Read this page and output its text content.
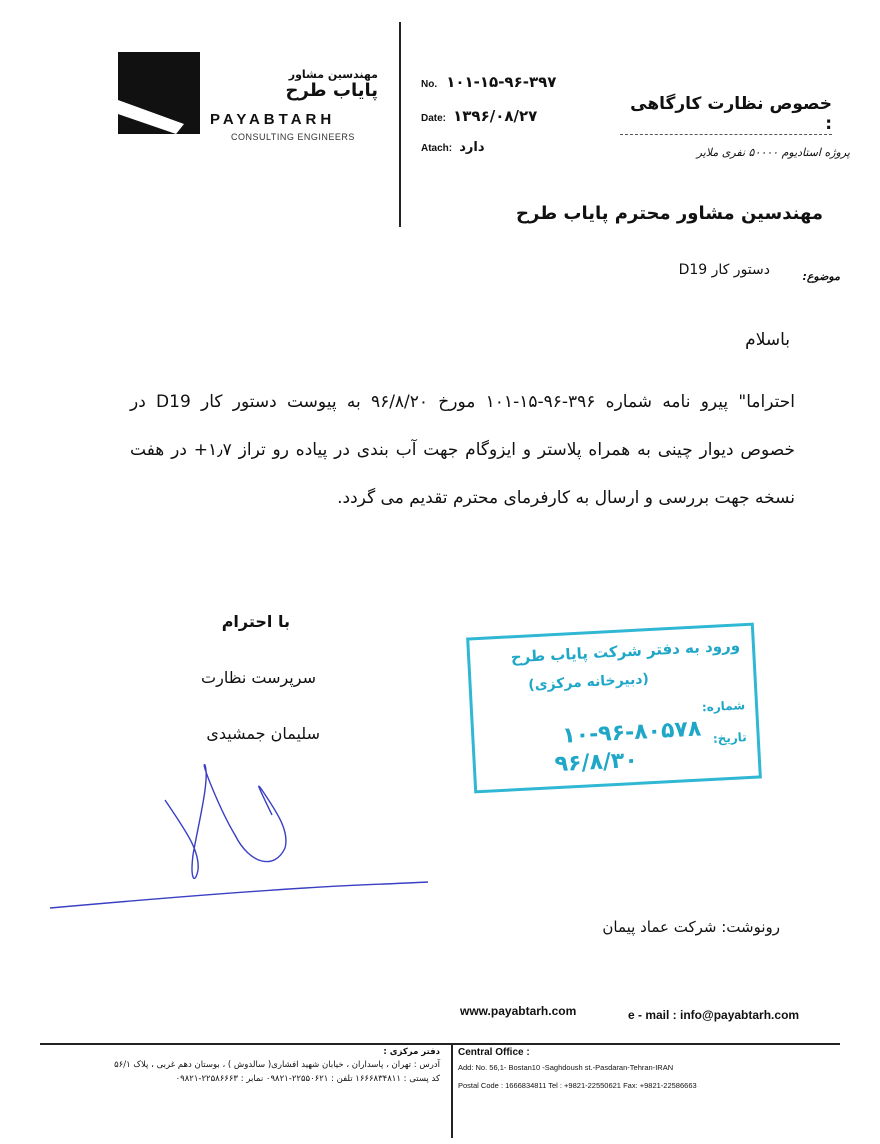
مهندسین مشاور
پایاب طرح
PAYABTARH
CONSULTING ENGINEERS
No. ۱۰۱-۱۵-۹۶-۳۹۷
Date: ۱۳۹۶/۰۸/۲۷
Atach: دارد
خصوص نظارت کارگاهی :
پروژه استادیوم ۵۰۰۰۰ نفری ملایر
مهندسین مشاور محترم پایاب طرح
موضوع:
دستور کار D19
باسلام
احتراما" پیرو نامه شماره ۳۹۶-۹۶-۱۵-۱۰۱ مورخ ۹۶/۸/۲۰ به پیوست دستور کار D19 در خصوص دیوار چینی به همراه پلاستر و ایزوگام جهت آب بندی در پیاده رو تراز ۱٫۷+ در هفت نسخه جهت بررسی و ارسال به کارفرمای محترم تقدیم می گردد.
با احترام
سرپرست نظارت
سلیمان جمشیدی
ورود به دفتر شرکت پایاب طرح
(دبیرخانه مرکزی)
شماره:
۱۰-۹۶-۸۰۵۷۸ تاریخ:
۹۶/۸/۳۰
رونوشت: شرکت عماد پیمان
www.payabtarh.com	e - mail : info@payabtarh.com
دفتر مرکزی :
آدرس : تهران ، پاسداران ، خیابان شهید افشاری( سالدوش ) ، بوستان دهم غربی ، پلاک ۵۶/۱
کد پستی : ۱۶۶۶۸۳۴۸۱۱ تلفن : ۲۲۵۵۰۶۲۱-۰۹۸۲۱ نمابر : ۲۲۵۸۶۶۶۳-۰۹۸۲۱
Central Office :
Add: No. 56,1- Bostan10 -Saghdoush st.-Pasdaran-Tehran-IRAN
Postal Code : 1666834811 Tel : +9821-22550621 Fax: +9821-22586663
